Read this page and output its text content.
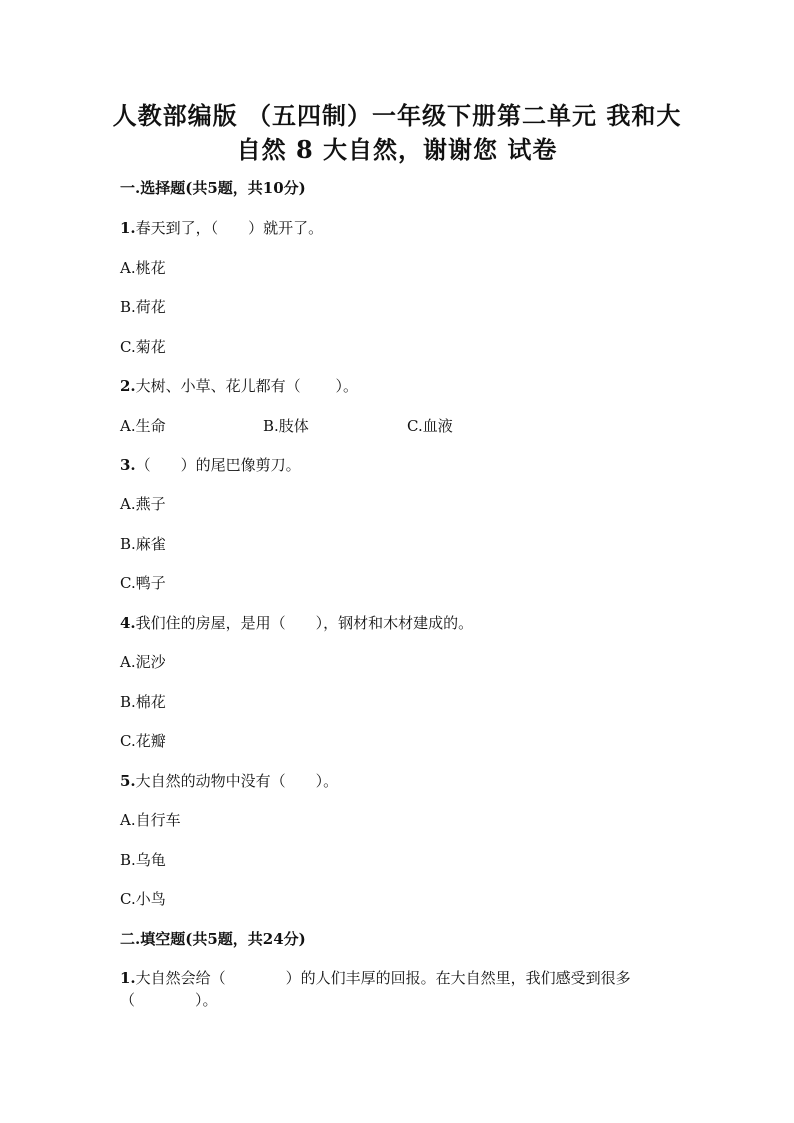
人教部编版 （五四制）一年级下册第二单元 我和大
自然 8 大自然，谢谢您 试卷
一.选择题(共5题，共10分)
1.春天到了，（　　）就开了。
A.桃花
B.荷花
C.菊花
2.大树、小草、花儿都有（　　 ）。
A.生命	B.肢体	C.血液
3.（　　）的尾巴像剪刀。
A.燕子
B.麻雀
C.鸭子
4.我们住的房屋，是用（　　），钢材和木材建成的。
A.泥沙
B.棉花
C.花瓣
5.大自然的动物中没有（　　）。
A.自行车
B.乌龟
C.小鸟
二.填空题(共5题，共24分)
1.大自然会给（　　　　）的人们丰厚的回报。在大自然里，我们感受到很多
（　　　　）。
